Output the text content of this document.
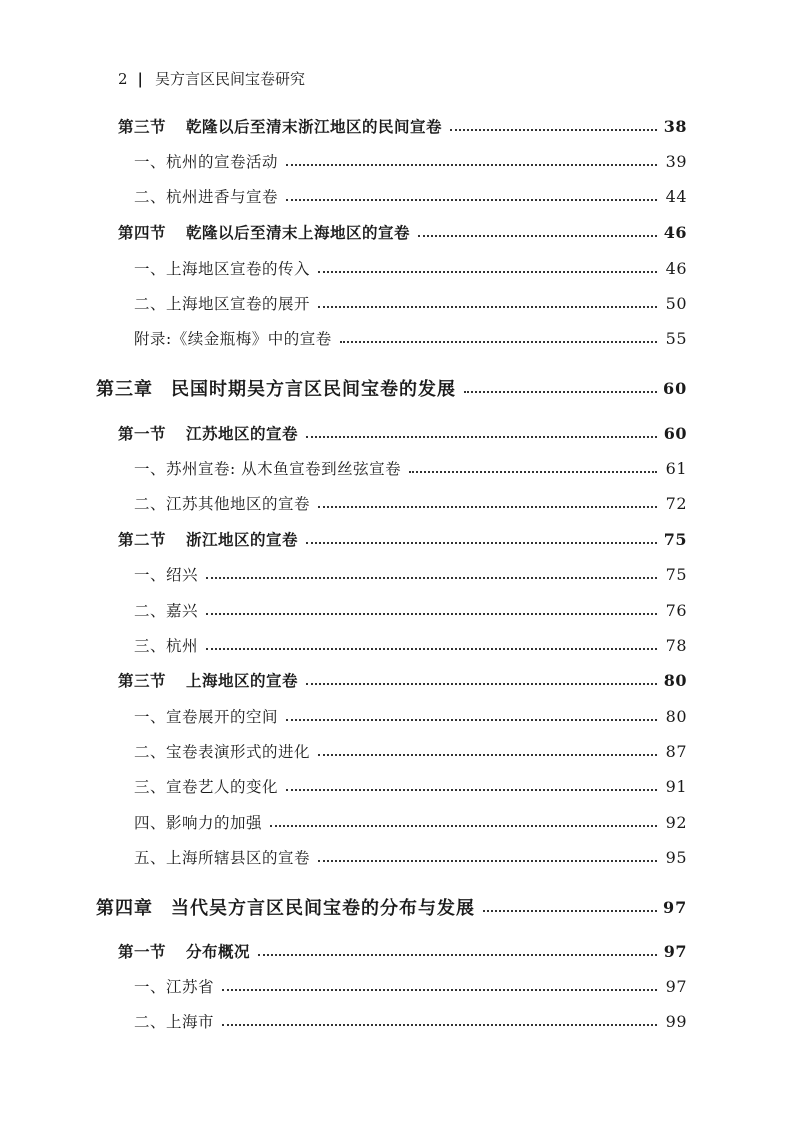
2 | 吴方言区民间宝卷研究
第三节 乾隆以后至清末浙江地区的民间宣卷	38
一、杭州的宣卷活动	39
二、杭州进香与宣卷	44
第四节 乾隆以后至清末上海地区的宣卷	46
一、上海地区宣卷的传入	46
二、上海地区宣卷的展开	50
附录:《续金瓶梅》中的宣卷	55
第三章 民国时期吴方言区民间宝卷的发展	60
第一节 江苏地区的宣卷	60
一、苏州宣卷: 从木鱼宣卷到丝弦宣卷	61
二、江苏其他地区的宣卷	72
第二节 浙江地区的宣卷	75
一、绍兴	75
二、嘉兴	76
三、杭州	78
第三节 上海地区的宣卷	80
一、宣卷展开的空间	80
二、宝卷表演形式的进化	87
三、宣卷艺人的变化	91
四、影响力的加强	92
五、上海所辖县区的宣卷	95
第四章 当代吴方言区民间宝卷的分布与发展	97
第一节 分布概况	97
一、江苏省	97
二、上海市	99
